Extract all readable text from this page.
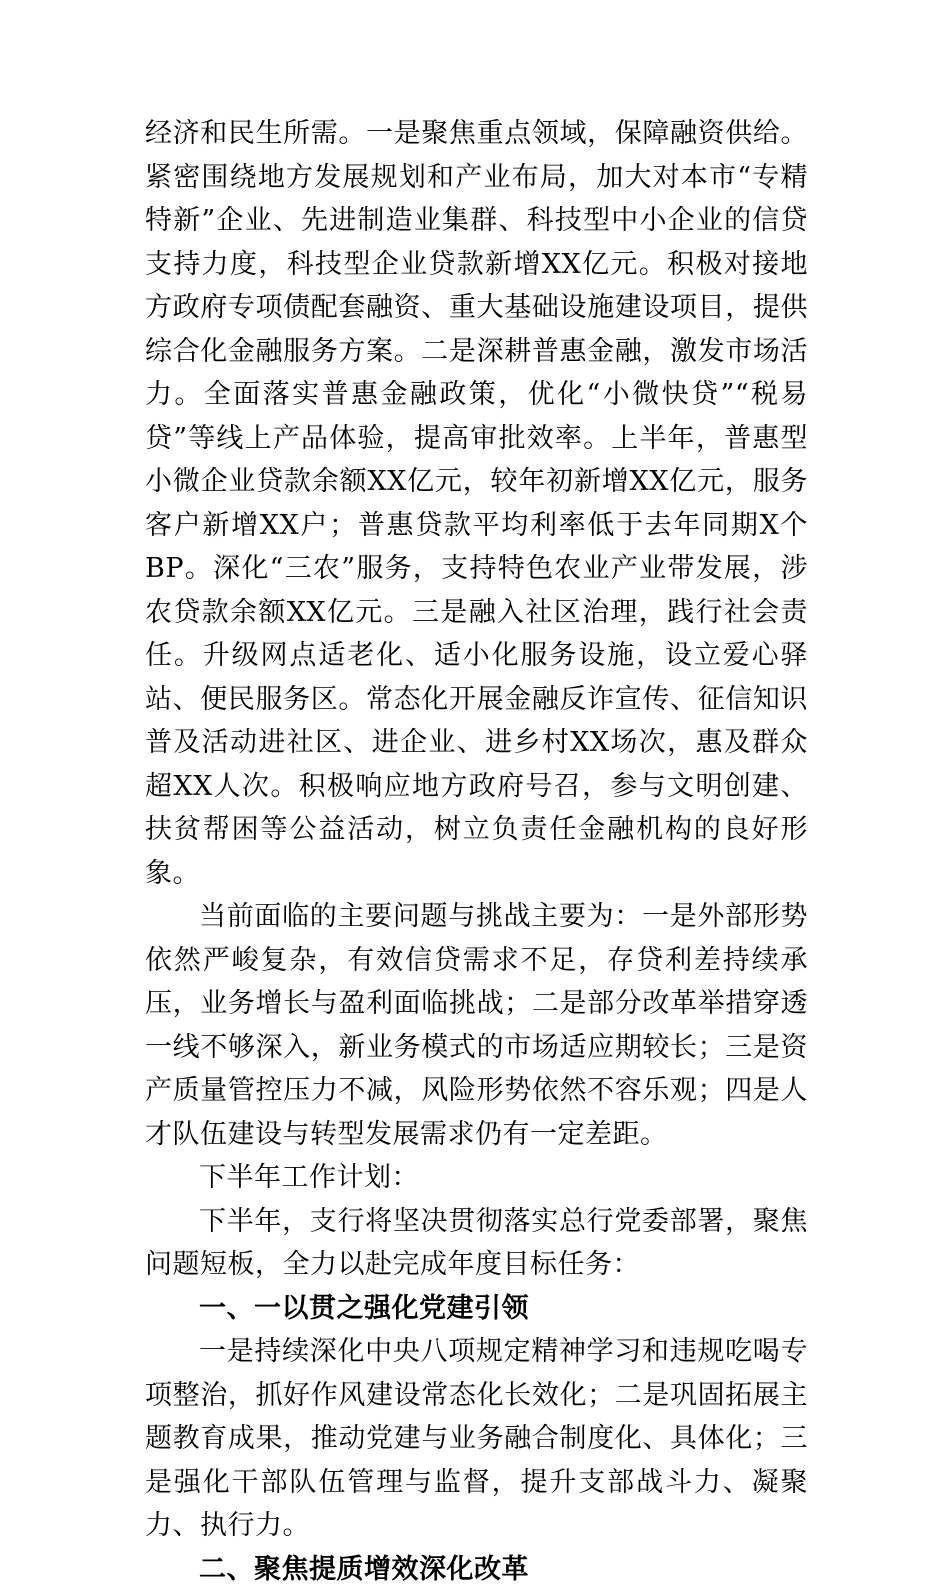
经济和民生所需。一是聚焦重点领域，保障融资供给。紧密围绕地方发展规划和产业布局，加大对本市“专精特新”企业、先进制造业集群、科技型中小企业的信贷支持力度，科技型企业贷款新增XX亿元。积极对接地方政府专项债配套融资、重大基础设施建设项目，提供综合化金融服务方案。二是深耕普惠金融，激发市场活力。全面落实普惠金融政策，优化“小微快贷”“税易贷”等线上产品体验，提高审批效率。上半年，普惠型小微企业贷款余额XX亿元，较年初新增XX亿元，服务客户新增XX户；普惠贷款平均利率低于去年同期X个BP。深化“三农”服务，支持特色农业产业带发展，涉农贷款余额XX亿元。三是融入社区治理，践行社会责任。升级网点适老化、适小化服务设施，设立爱心驿站、便民服务区。常态化开展金融反诈宣传、征信知识普及活动进社区、进企业、进乡村XX场次，惠及群众超XX人次。积极响应地方政府号召，参与文明创建、扶贫帮困等公益活动，树立负责任金融机构的良好形象。

当前面临的主要问题与挑战主要为：一是外部形势依然严峻复杂，有效信贷需求不足，存贷利差持续承压，业务增长与盈利面临挑战；二是部分改革举措穿透一线不够深入，新业务模式的市场适应期较长；三是资产质量管控压力不减，风险形势依然不容乐观；四是人才队伍建设与转型发展需求仍有一定差距。

下半年工作计划：

下半年，支行将坚决贯彻落实总行党委部署，聚焦问题短板，全力以赴完成年度目标任务：

一、一以贯之强化党建引领

一是持续深化中央八项规定精神学习和违规吃喝专项整治，抓好作风建设常态化长效化；二是巩固拓展主题教育成果，推动党建与业务融合制度化、具体化；三是强化干部队伍管理与监督，提升支部战斗力、凝聚力、执行力。

二、聚焦提质增效深化改革
